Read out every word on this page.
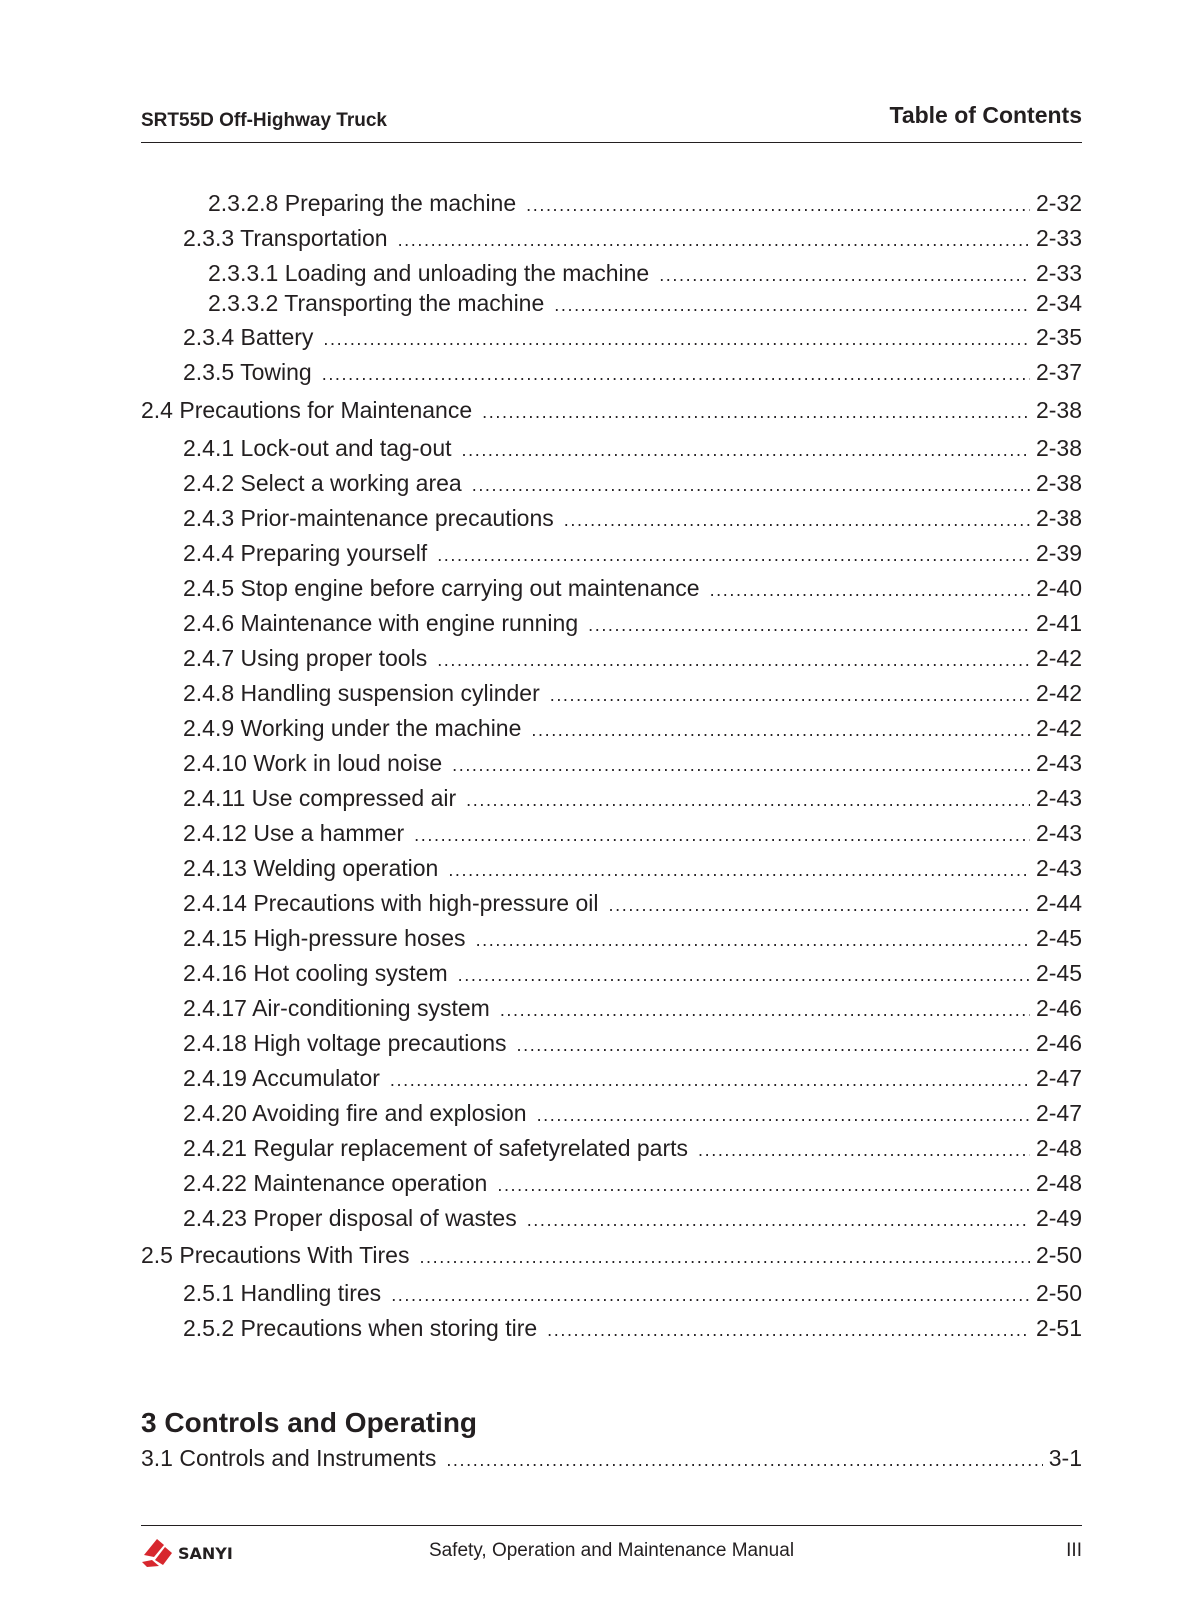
SRT55D Off-Highway Truck	Table of Contents
2.3.2.8 Preparing the machine .....	2-32
2.3.3 Transportation .....	2-33
2.3.3.1 Loading and unloading the machine .....	2-33
2.3.3.2 Transporting the machine .....	2-34
2.3.4 Battery .....	2-35
2.3.5 Towing .....	2-37
2.4 Precautions for Maintenance .....	2-38
2.4.1 Lock-out and tag-out .....	2-38
2.4.2 Select a working area .....	2-38
2.4.3 Prior-maintenance precautions .....	2-38
2.4.4 Preparing yourself .....	2-39
2.4.5 Stop engine before carrying out maintenance .....	2-40
2.4.6 Maintenance with engine running .....	2-41
2.4.7 Using proper tools .....	2-42
2.4.8 Handling suspension cylinder .....	2-42
2.4.9 Working under the machine .....	2-42
2.4.10 Work in loud noise .....	2-43
2.4.11 Use compressed air .....	2-43
2.4.12 Use a hammer .....	2-43
2.4.13 Welding operation .....	2-43
2.4.14 Precautions with high-pressure oil .....	2-44
2.4.15 High-pressure hoses .....	2-45
2.4.16 Hot cooling system .....	2-45
2.4.17 Air-conditioning system .....	2-46
2.4.18 High voltage precautions .....	2-46
2.4.19 Accumulator .....	2-47
2.4.20 Avoiding fire and explosion .....	2-47
2.4.21 Regular replacement of safetyrelated parts .....	2-48
2.4.22 Maintenance operation .....	2-48
2.4.23 Proper disposal of wastes .....	2-49
2.5 Precautions With Tires .....	2-50
2.5.1 Handling tires .....	2-50
2.5.2 Precautions when storing tire .....	2-51
3 Controls and Operating
3.1 Controls and Instruments .....	3-1
SANYI	Safety, Operation and Maintenance Manual	III
